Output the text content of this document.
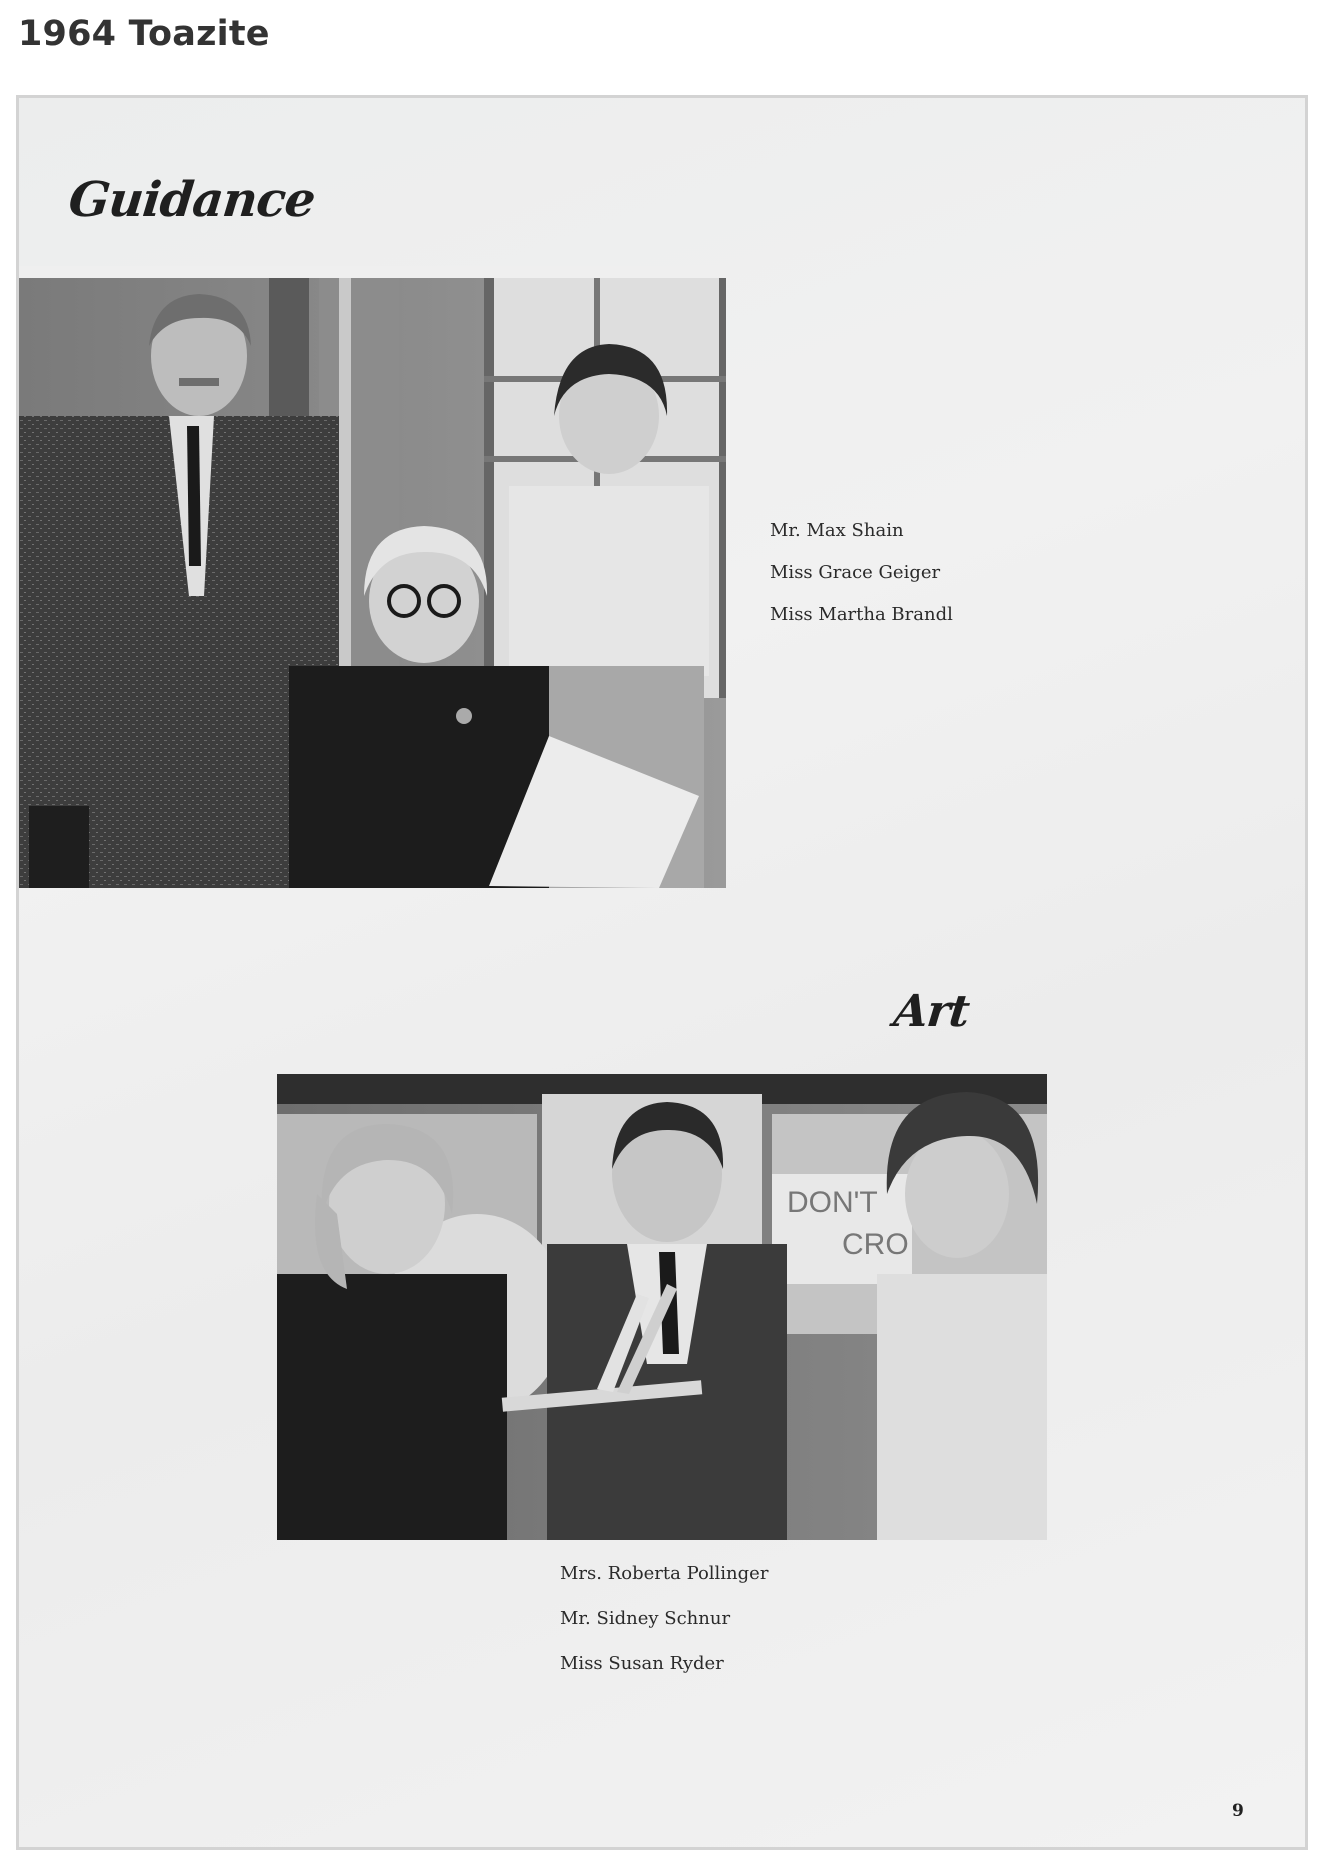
1964 Toazite
Guidance
Mr. Max Shain
Miss Grace Geiger
Miss Martha Brandl
Art
DON'T
CRO
Mrs. Roberta Pollinger
Mr. Sidney Schnur
Miss Susan Ryder
9
